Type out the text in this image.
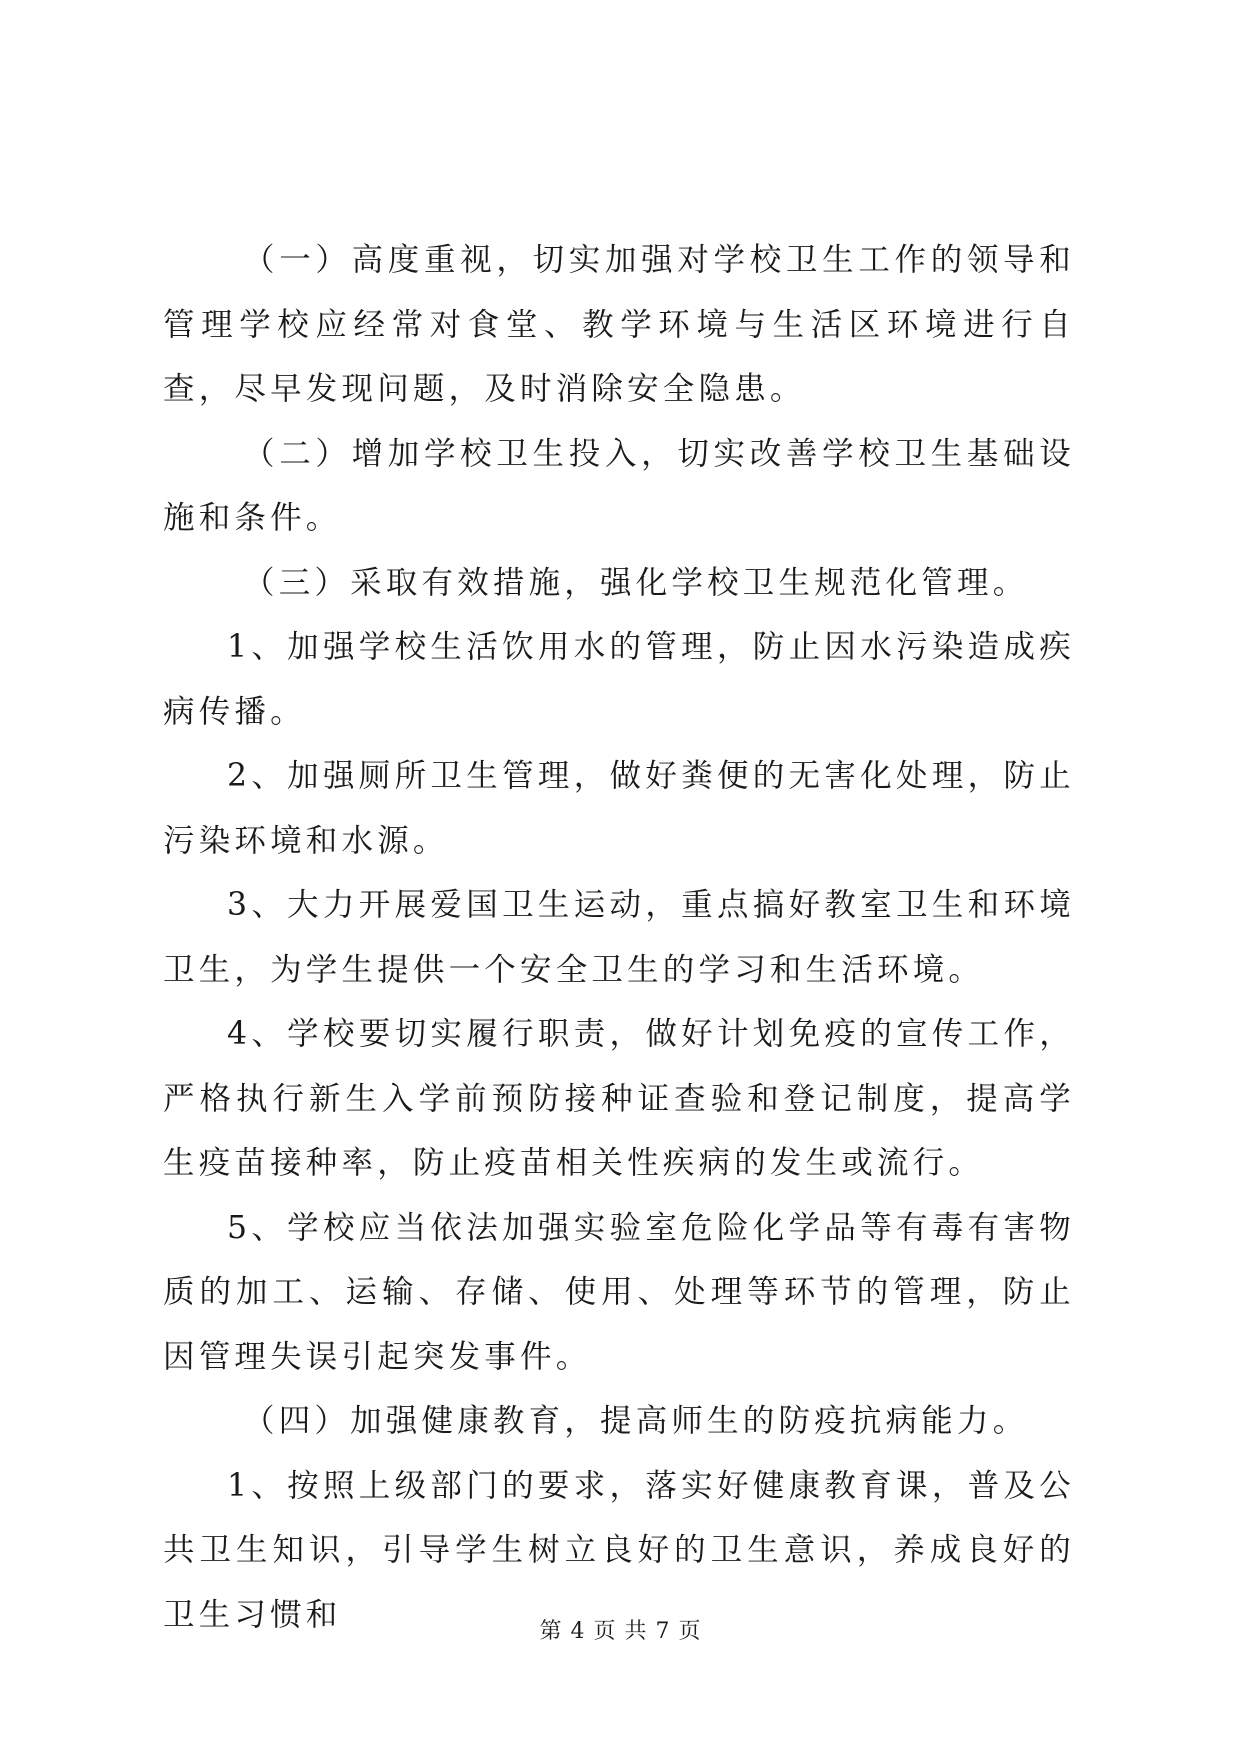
（一）高度重视，切实加强对学校卫生工作的领导和管理学校应经常对食堂、教学环境与生活区环境进行自查，尽早发现问题，及时消除安全隐患。

（二）增加学校卫生投入，切实改善学校卫生基础设施和条件。

（三）采取有效措施，强化学校卫生规范化管理。

1、加强学校生活饮用水的管理，防止因水污染造成疾病传播。

2、加强厕所卫生管理，做好粪便的无害化处理，防止污染环境和水源。

3、大力开展爱国卫生运动，重点搞好教室卫生和环境卫生，为学生提供一个安全卫生的学习和生活环境。

4、学校要切实履行职责，做好计划免疫的宣传工作，严格执行新生入学前预防接种证查验和登记制度，提高学生疫苗接种率，防止疫苗相关性疾病的发生或流行。

5、学校应当依法加强实验室危险化学品等有毒有害物质的加工、运输、存储、使用、处理等环节的管理，防止因管理失误引起突发事件。

（四）加强健康教育，提高师生的防疫抗病能力。

1、按照上级部门的要求，落实好健康教育课，普及公共卫生知识，引导学生树立良好的卫生意识，养成良好的卫生习惯和	第 4 页 共 7 页
